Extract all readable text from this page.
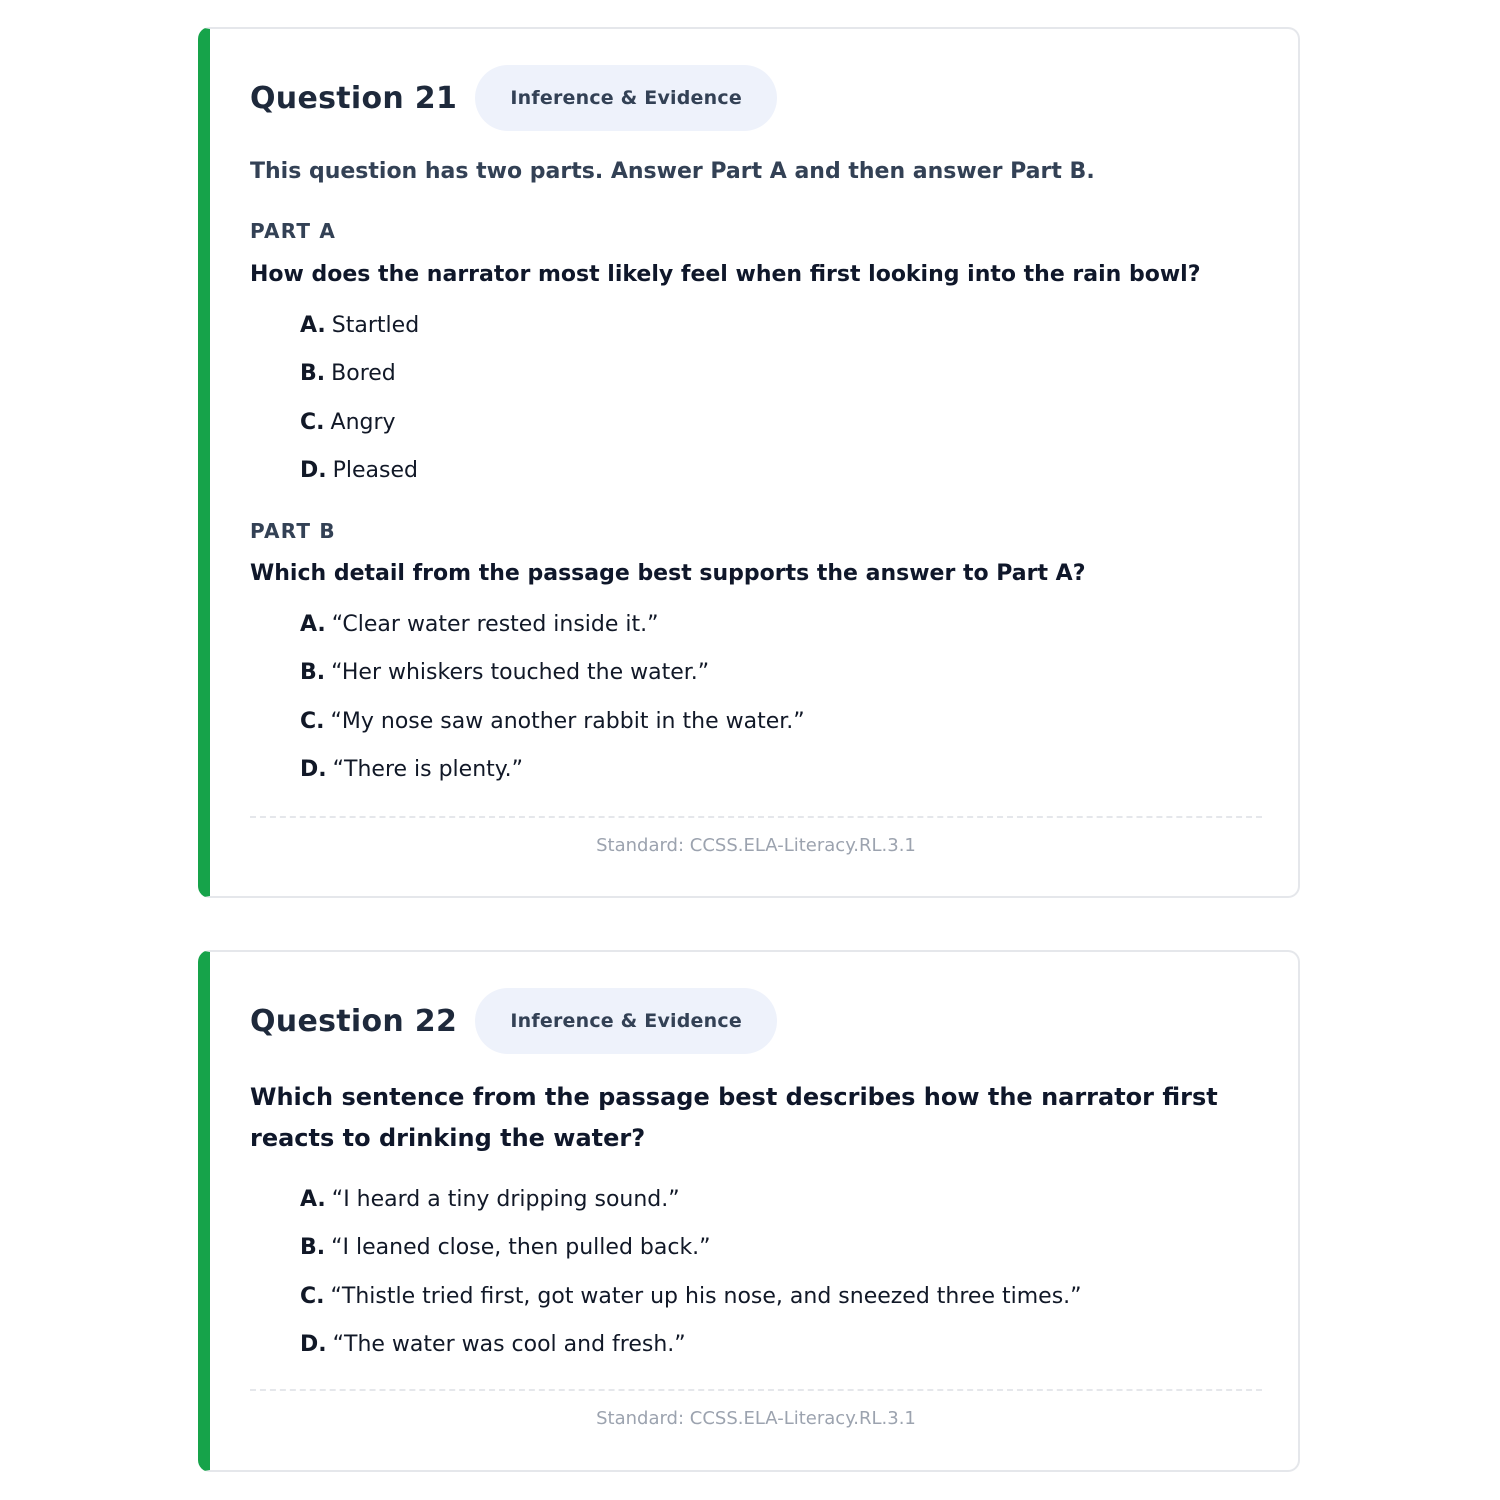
Question 21	Inference & Evidence
This question has two parts. Answer Part A and then answer Part B.
PART A
How does the narrator most likely feel when first looking into the rain bowl?
A. Startled
B. Bored
C. Angry
D. Pleased
PART B
Which detail from the passage best supports the answer to Part A?
A. “Clear water rested inside it.”
B. “Her whiskers touched the water.”
C. “My nose saw another rabbit in the water.”
D. “There is plenty.”
Standard: CCSS.ELA-Literacy.RL.3.1
Question 22	Inference & Evidence
Which sentence from the passage best describes how the narrator first reacts to drinking the water?
A. “I heard a tiny dripping sound.”
B. “I leaned close, then pulled back.”
C. “Thistle tried first, got water up his nose, and sneezed three times.”
D. “The water was cool and fresh.”
Standard: CCSS.ELA-Literacy.RL.3.1
